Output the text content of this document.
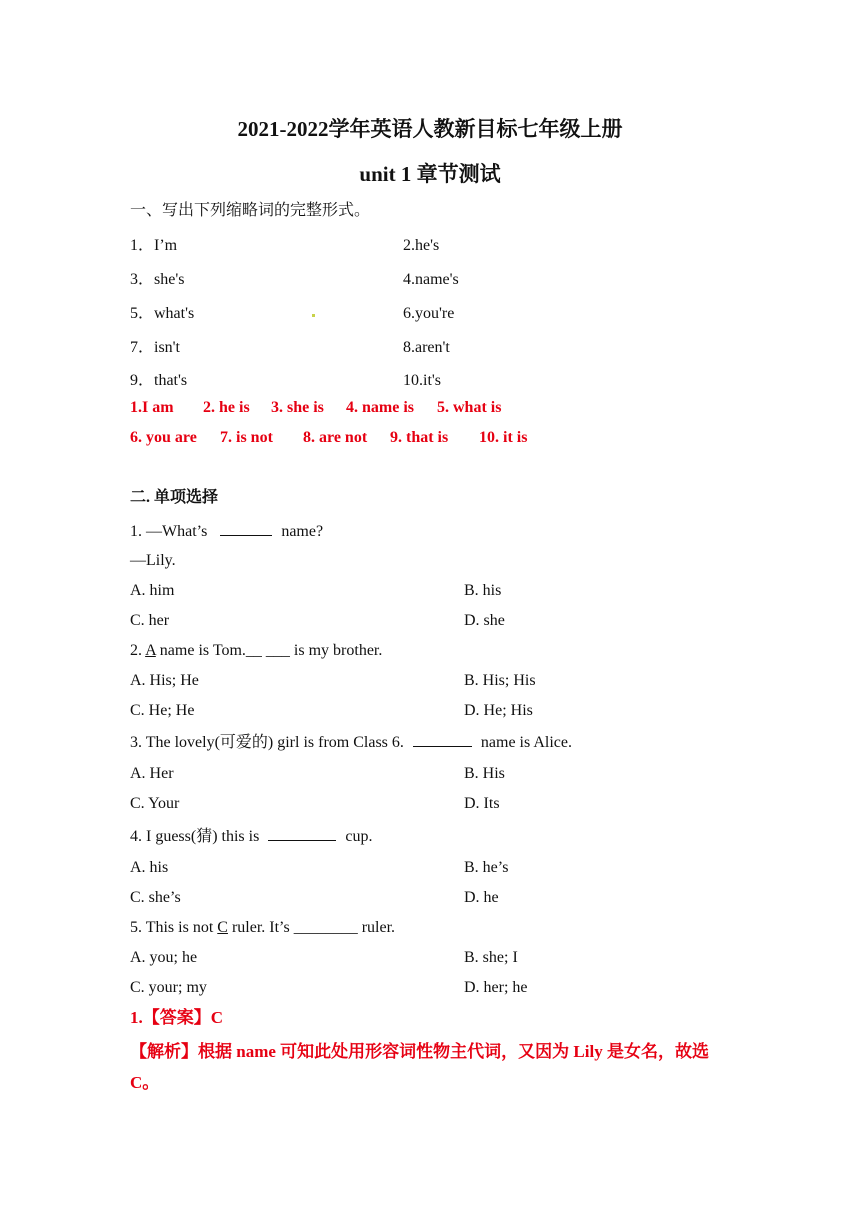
2021-2022学年英语人教新目标七年级上册
unit 1 章节测试
一、写出下列缩略词的完整形式。
1．I’m	2.he's
3．she's	4.name's
5．what's	6.you're
7．isn't	8.aren't
9．that's	10.it's
1.I am 2. he is 3. she is 4. name is 5. what is
6. you are 7. is not 8. are not 9. that is 10. it is
二. 单项选择
1. —What’s	name?
—Lily.
A. him	B. his
C. her	D. she
2. A name is Tom.__ ___ is my brother.
A. His; He	B. His; His
C. He; He	D. He; His
3. The lovely(可爱的) girl is from Class 6.	name is Alice.
A. Her	B. His
C. Your	D. Its
4. I guess(猜) this is	cup.
A. his	B. he’s
C. she’s	D. he
5. This is not C ruler. It’s ________ ruler.
A. you; he	B. she; I
C. your; my	D. her; he
1.【答案】C
【解析】根据 name 可知此处用形容词性物主代词，又因为 Lily 是女名，故选
C。
